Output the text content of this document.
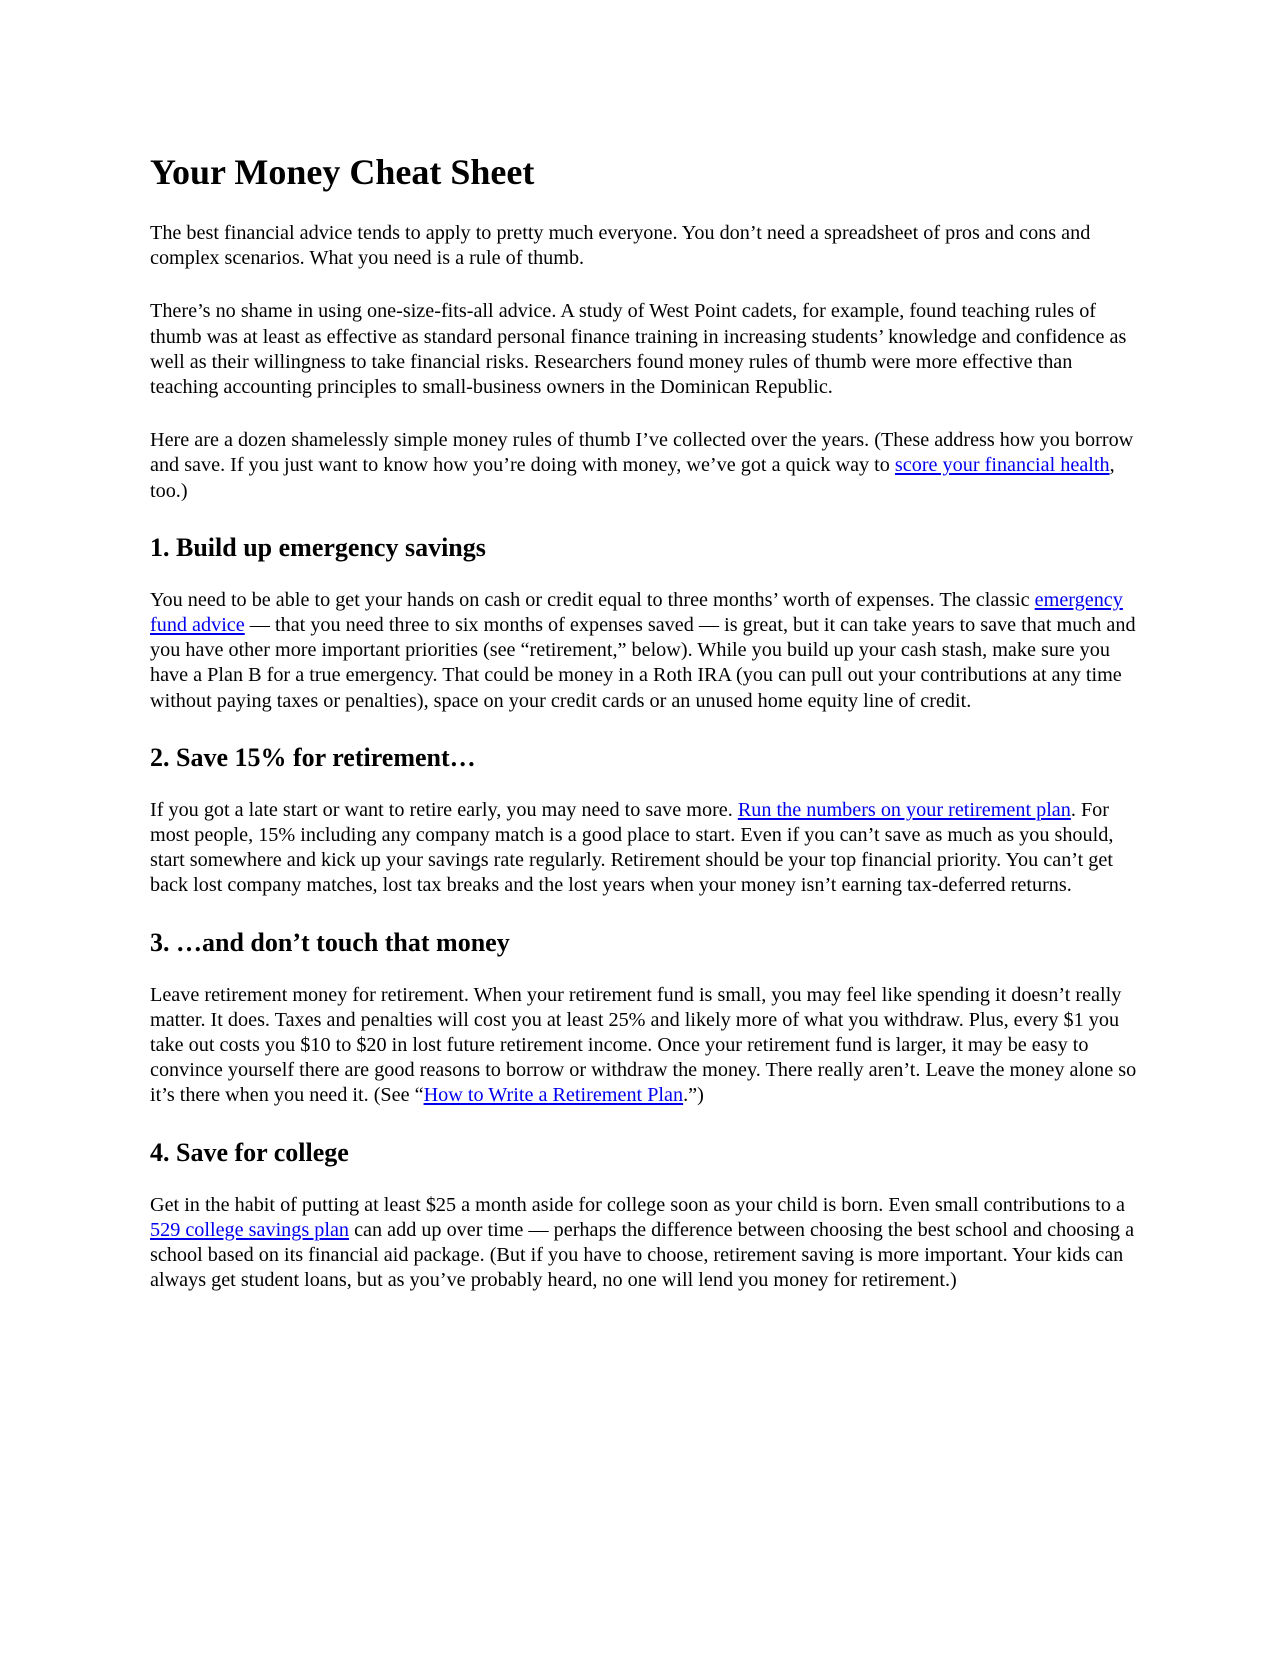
Your Money Cheat Sheet

The best financial advice tends to apply to pretty much everyone. You don’t need a spreadsheet of pros and cons and complex scenarios. What you need is a rule of thumb.

There’s no shame in using one-size-fits-all advice. A study of West Point cadets, for example, found teaching rules of thumb was at least as effective as standard personal finance training in increasing students’ knowledge and confidence as well as their willingness to take financial risks. Researchers found money rules of thumb were more effective than teaching accounting principles to small-business owners in the Dominican Republic.

Here are a dozen shamelessly simple money rules of thumb I’ve collected over the years. (These address how you borrow and save. If you just want to know how you’re doing with money, we’ve got a quick way to score your financial health, too.)

1. Build up emergency savings

You need to be able to get your hands on cash or credit equal to three months’ worth of expenses. The classic emergency fund advice — that you need three to six months of expenses saved — is great, but it can take years to save that much and you have other more important priorities (see “retirement,” below). While you build up your cash stash, make sure you have a Plan B for a true emergency. That could be money in a Roth IRA (you can pull out your contributions at any time without paying taxes or penalties), space on your credit cards or an unused home equity line of credit.

2. Save 15% for retirement…

If you got a late start or want to retire early, you may need to save more. Run the numbers on your retirement plan. For most people, 15% including any company match is a good place to start. Even if you can’t save as much as you should, start somewhere and kick up your savings rate regularly. Retirement should be your top financial priority. You can’t get back lost company matches, lost tax breaks and the lost years when your money isn’t earning tax-deferred returns.

3. …and don’t touch that money

Leave retirement money for retirement. When your retirement fund is small, you may feel like spending it doesn’t really matter. It does. Taxes and penalties will cost you at least 25% and likely more of what you withdraw. Plus, every $1 you take out costs you $10 to $20 in lost future retirement income. Once your retirement fund is larger, it may be easy to convince yourself there are good reasons to borrow or withdraw the money. There really aren’t. Leave the money alone so it’s there when you need it. (See “How to Write a Retirement Plan.”)

4. Save for college

Get in the habit of putting at least $25 a month aside for college soon as your child is born. Even small contributions to a 529 college savings plan can add up over time — perhaps the difference between choosing the best school and choosing a school based on its financial aid package. (But if you have to choose, retirement saving is more important. Your kids can always get student loans, but as you’ve probably heard, no one will lend you money for retirement.)
